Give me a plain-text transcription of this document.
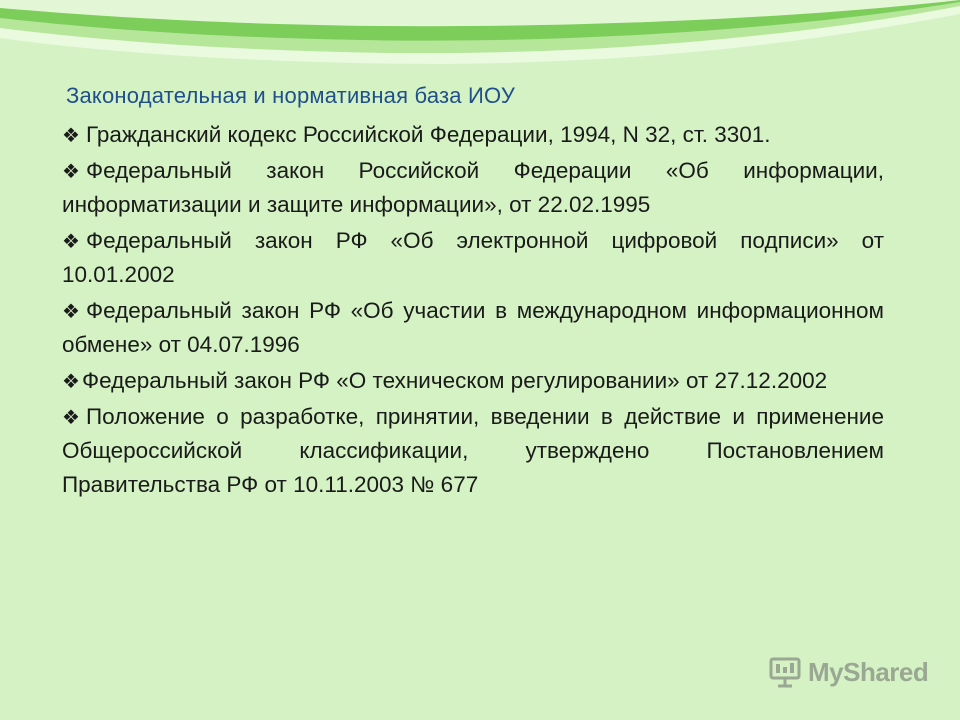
Законодательная и нормативная база ИОУ
❖ Гражданский кодекс Российской Федерации, 1994, N 32, ст. 3301.
❖ Федеральный закон Российской Федерации «Об информации, информатизации и защите информации», от 22.02.1995
❖ Федеральный закон РФ «Об электронной цифровой подписи» от 10.01.2002
❖ Федеральный закон РФ «Об участии в международном информационном обмене» от 04.07.1996
❖Федеральный закон РФ «О техническом регулировании» от 27.12.2002
❖ Положение о разработке, принятии, введении в действие и применение Общероссийской классификации, утверждено Постановлением Правительства РФ от 10.11.2003 № 677
MyShared
